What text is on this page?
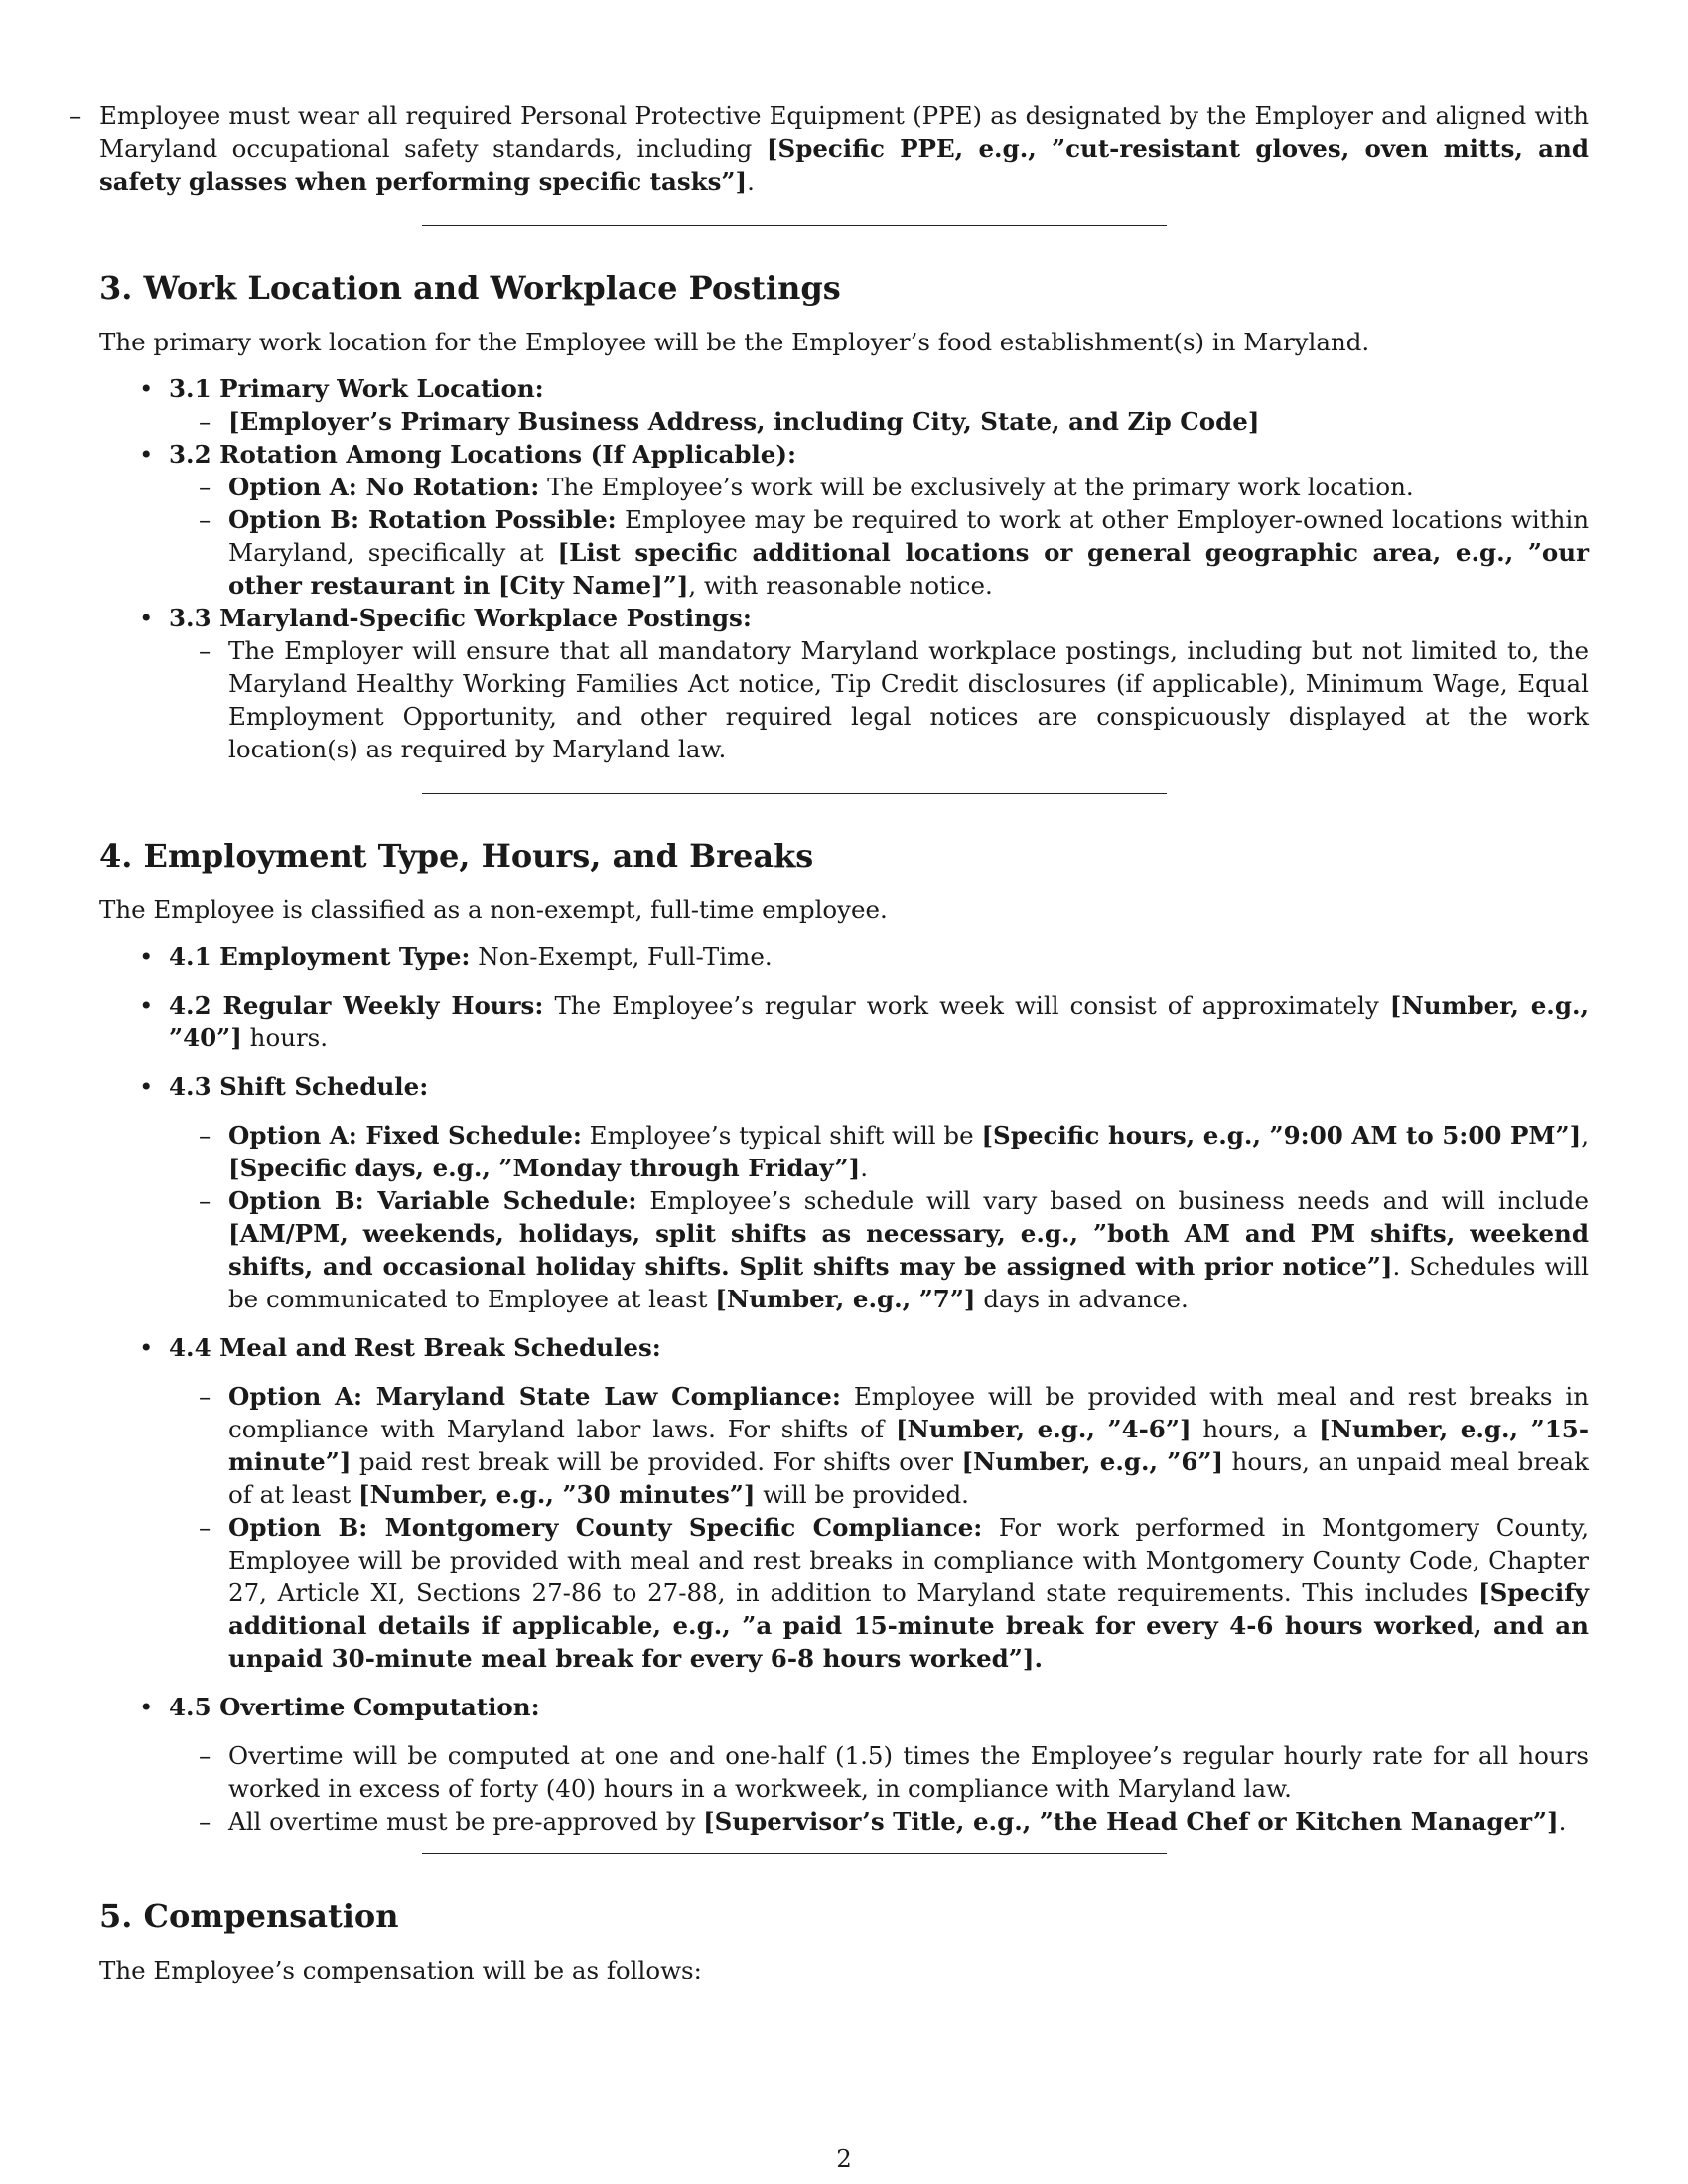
– Employee must wear all required Personal Protective Equipment (PPE) as designated by the Employer and aligned with Maryland occupational safety standards, including [Specific PPE, e.g., ”cut-resistant gloves, oven mitts, and safety glasses when performing specific tasks”].
3. Work Location and Workplace Postings

The primary work location for the Employee will be the Employer’s food establishment(s) in Maryland.

• 3.1 Primary Work Location:
– [Employer’s Primary Business Address, including City, State, and Zip Code]
• 3.2 Rotation Among Locations (If Applicable):
– Option A: No Rotation: The Employee’s work will be exclusively at the primary work location.
– Option B: Rotation Possible: Employee may be required to work at other Employer-owned locations within Maryland, specifically at [List specific additional locations or general geographic area, e.g., ”our other restaurant in [City Name]”], with reasonable notice.
• 3.3 Maryland-Specific Workplace Postings:
– The Employer will ensure that all mandatory Maryland workplace postings, including but not limited to, the Maryland Healthy Working Families Act notice, Tip Credit disclosures (if applicable), Minimum Wage, Equal Employment Opportunity, and other required legal notices are conspicuously displayed at the work location(s) as required by Maryland law.
4. Employment Type, Hours, and Breaks

The Employee is classified as a non-exempt, full-time employee.

• 4.1 Employment Type: Non-Exempt, Full-Time.
• 4.2 Regular Weekly Hours: The Employee’s regular work week will consist of approximately [Number, e.g., ”40”] hours.
• 4.3 Shift Schedule:
– Option A: Fixed Schedule: Employee’s typical shift will be [Specific hours, e.g., ”9:00 AM to 5:00 PM”], [Specific days, e.g., ”Monday through Friday”].
– Option B: Variable Schedule: Employee’s schedule will vary based on business needs and will include [AM/PM, weekends, holidays, split shifts as necessary, e.g., ”both AM and PM shifts, weekend shifts, and occasional holiday shifts. Split shifts may be assigned with prior notice”]. Schedules will be communicated to Employee at least [Number, e.g., ”7”] days in advance.
• 4.4 Meal and Rest Break Schedules:
– Option A: Maryland State Law Compliance: Employee will be provided with meal and rest breaks in compliance with Maryland labor laws. For shifts of [Number, e.g., ”4-6”] hours, a [Number, e.g., ”15-minute”] paid rest break will be provided. For shifts over [Number, e.g., ”6”] hours, an unpaid meal break of at least [Number, e.g., ”30 minutes”] will be provided.
– Option B: Montgomery County Specific Compliance: For work performed in Montgomery County, Employee will be provided with meal and rest breaks in compliance with Montgomery County Code, Chapter 27, Article XI, Sections 27-86 to 27-88, in addition to Maryland state requirements. This includes [Specify additional details if applicable, e.g., ”a paid 15-minute break for every 4-6 hours worked, and an unpaid 30-minute meal break for every 6-8 hours worked”].
• 4.5 Overtime Computation:
– Overtime will be computed at one and one-half (1.5) times the Employee’s regular hourly rate for all hours worked in excess of forty (40) hours in a workweek, in compliance with Maryland law.
– All overtime must be pre-approved by [Supervisor’s Title, e.g., ”the Head Chef or Kitchen Manager”].
5. Compensation

The Employee’s compensation will be as follows:

2
